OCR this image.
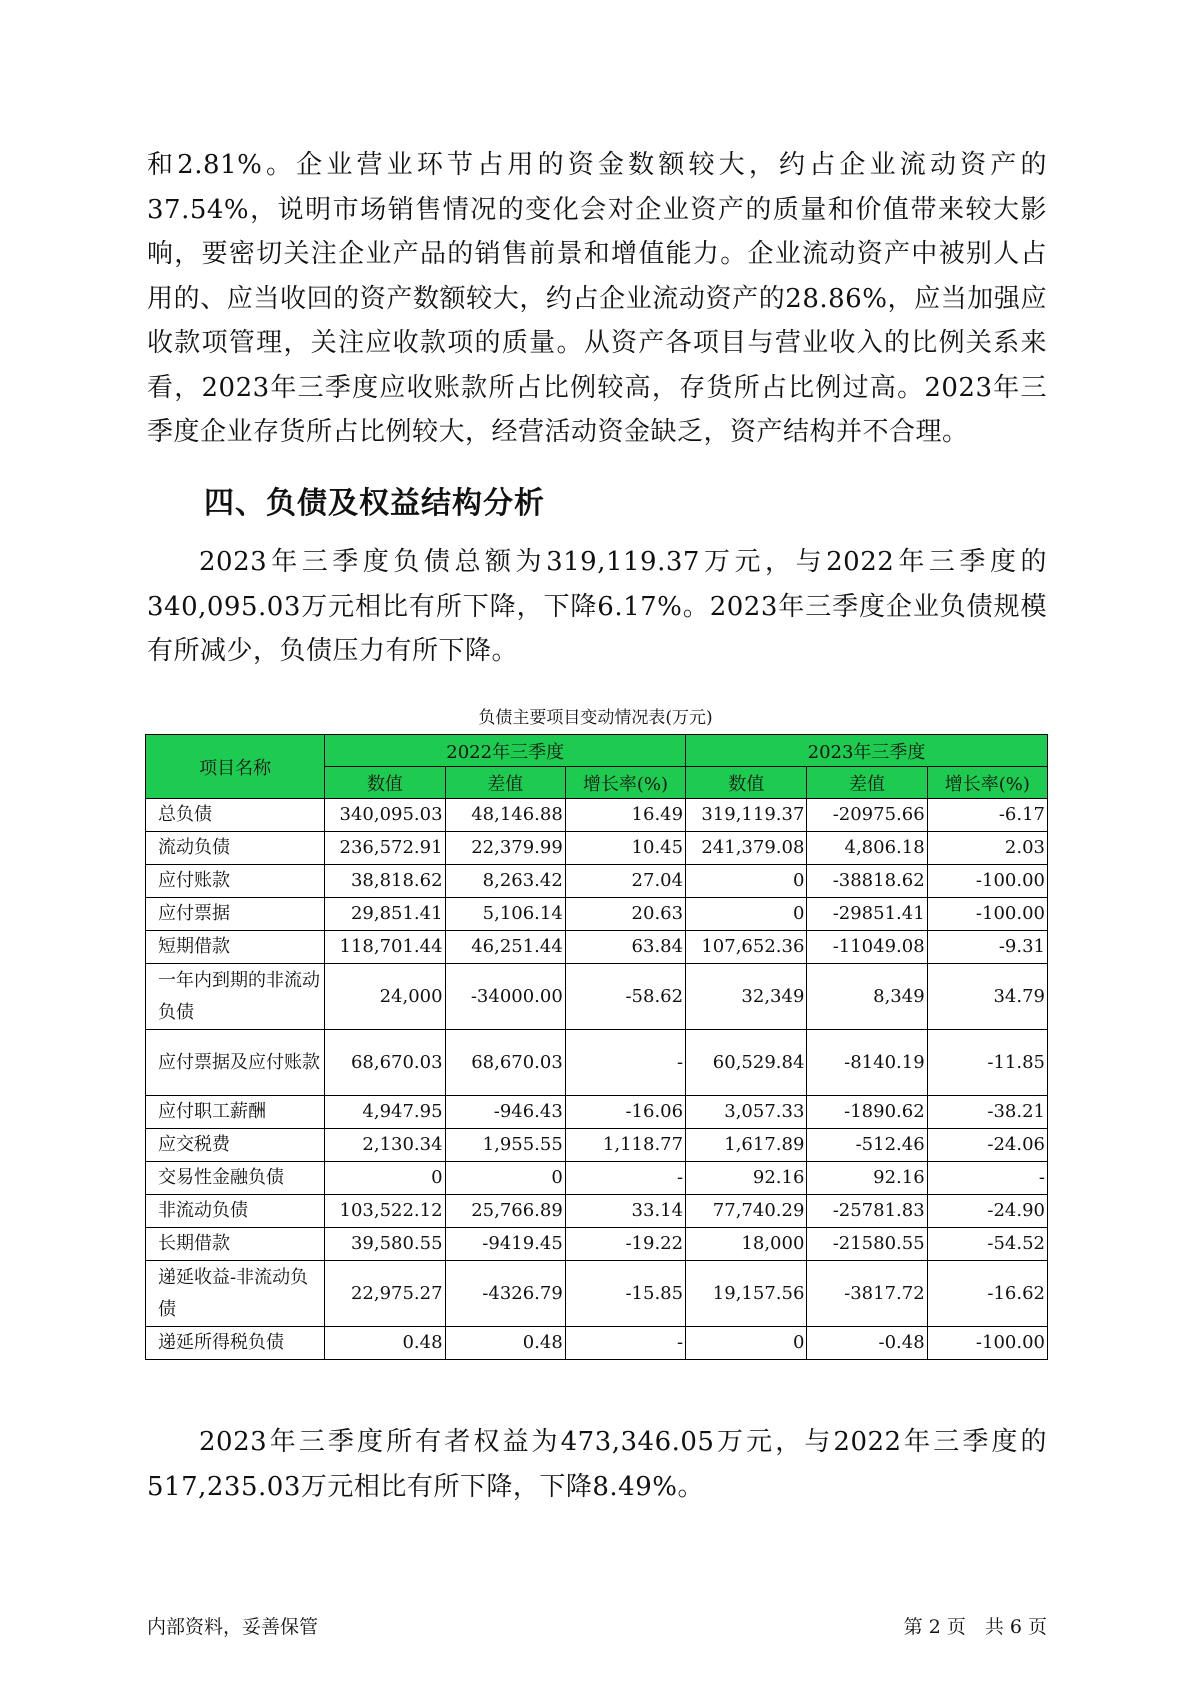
和2.81%。企业营业环节占用的资金数额较大，约占企业流动资产的37.54%，说明市场销售情况的变化会对企业资产的质量和价值带来较大影响，要密切关注企业产品的销售前景和增值能力。企业流动资产中被别人占用的、应当收回的资产数额较大，约占企业流动资产的28.86%，应当加强应收款项管理，关注应收款项的质量。从资产各项目与营业收入的比例关系来看，2023年三季度应收账款所占比例较高，存货所占比例过高。2023年三季度企业存货所占比例较大，经营活动资金缺乏，资产结构并不合理。

四、负债及权益结构分析

2023年三季度负债总额为319,119.37万元，与2022年三季度的340,095.03万元相比有所下降，下降6.17%。2023年三季度企业负债规模有所减少，负债压力有所下降。

负债主要项目变动情况表(万元)

项目名称	2022年三季度			2023年三季度		
	数值	差值	增长率(%)	数值	差值	增长率(%)
总负债	340,095.03	48,146.88	16.49	319,119.37	-20975.66	-6.17
流动负债	236,572.91	22,379.99	10.45	241,379.08	4,806.18	2.03
应付账款	38,818.62	8,263.42	27.04	0	-38818.62	-100.00
应付票据	29,851.41	5,106.14	20.63	0	-29851.41	-100.00
短期借款	118,701.44	46,251.44	63.84	107,652.36	-11049.08	-9.31
一年内到期的非流动负债	24,000	-34000.00	-58.62	32,349	8,349	34.79
应付票据及应付账款	68,670.03	68,670.03	-	60,529.84	-8140.19	-11.85
应付职工薪酬	4,947.95	-946.43	-16.06	3,057.33	-1890.62	-38.21
应交税费	2,130.34	1,955.55	1,118.77	1,617.89	-512.46	-24.06
交易性金融负债	0	0	-	92.16	92.16	-
非流动负债	103,522.12	25,766.89	33.14	77,740.29	-25781.83	-24.90
长期借款	39,580.55	-9419.45	-19.22	18,000	-21580.55	-54.52
递延收益-非流动负债	22,975.27	-4326.79	-15.85	19,157.56	-3817.72	-16.62
递延所得税负债	0.48	0.48	-	0	-0.48	-100.00

2023年三季度所有者权益为473,346.05万元，与2022年三季度的517,235.03万元相比有所下降，下降8.49%。

内部资料，妥善保管	第 2 页　共 6 页
